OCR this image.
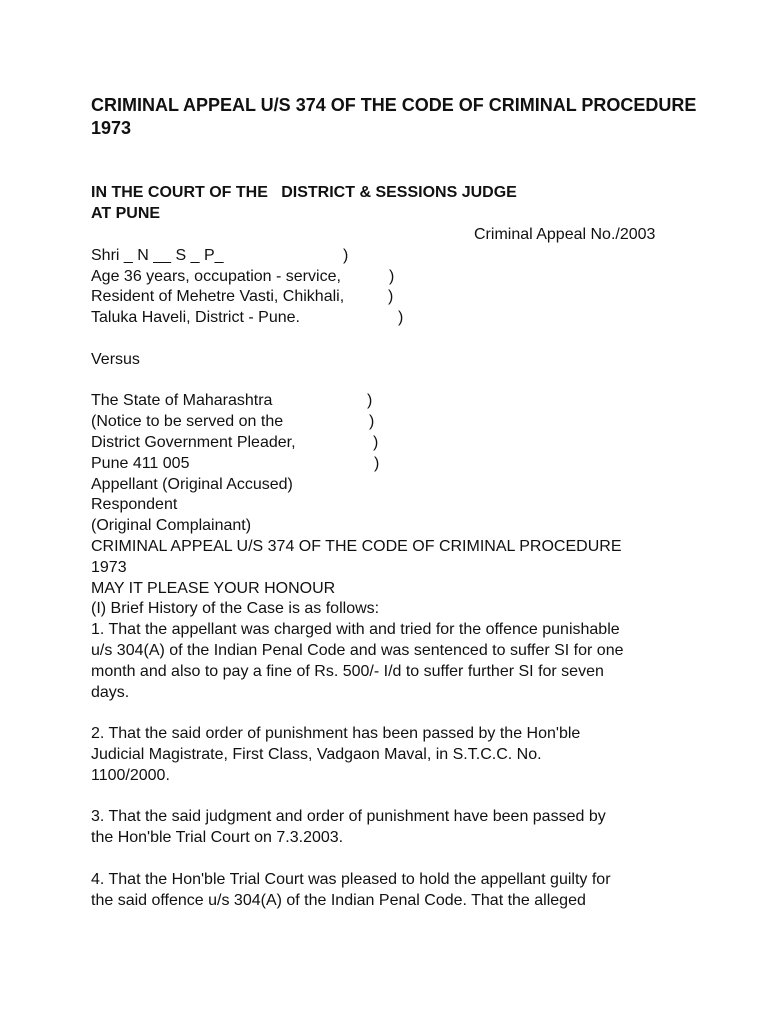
CRIMINAL APPEAL U/S 374 OF THE CODE OF CRIMINAL PROCEDURE 1973
IN THE COURT OF THE   DISTRICT & SESSIONS JUDGE
AT PUNE
Criminal Appeal No./2003
Shri _ N __ S _ P_	)
Age 36 years, occupation - service,	)
Resident of Mehetre Vasti, Chikhali,	)
Taluka Haveli, District - Pune.	)
Versus
The State of Maharashtra	)
(Notice to be served on the	)
District Government Pleader,	)
Pune 411 005	)
Appellant (Original Accused)
Respondent
(Original Complainant)
CRIMINAL APPEAL U/S 374 OF THE CODE OF CRIMINAL PROCEDURE
1973
MAY IT PLEASE YOUR HONOUR
(I) Brief History of the Case is as follows:
1. That the appellant was charged with and tried for the offence punishable
u/s 304(A) of the Indian Penal Code and was sentenced to suffer SI for one
month and also to pay a fine of Rs. 500/- I/d to suffer further SI for seven
days.
2. That the said order of punishment has been passed by the Hon'ble
Judicial Magistrate, First Class, Vadgaon Maval, in S.T.C.C. No.
1100/2000.
3. That the said judgment and order of punishment have been passed by
the Hon'ble Trial Court on 7.3.2003.
4. That the Hon'ble Trial Court was pleased to hold the appellant guilty for
the said offence u/s 304(A) of the Indian Penal Code. That the alleged
